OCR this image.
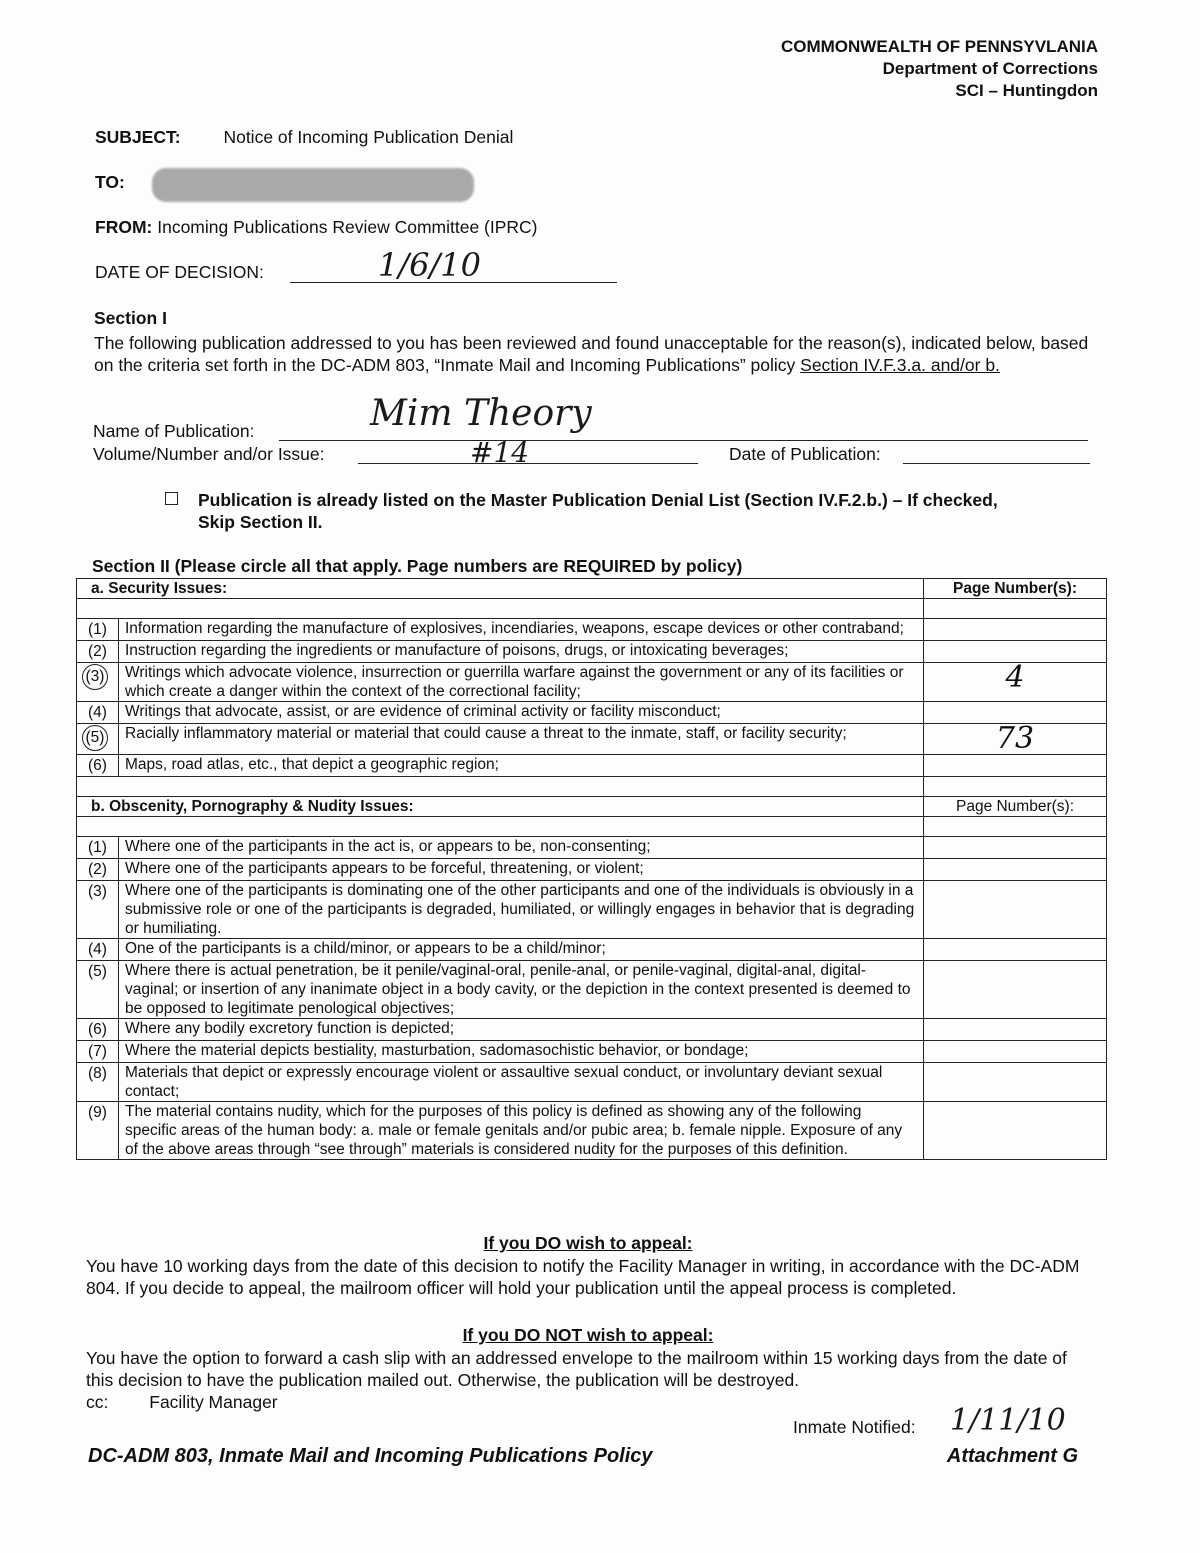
COMMONWEALTH OF PENNSYVLANIA
Department of Corrections
SCI – Huntingdon
SUBJECT: Notice of Incoming Publication Denial
TO:
FROM: Incoming Publications Review Committee (IPRC)
DATE OF DECISION:	1/6/10
Section I
The following publication addressed to you has been reviewed and found unacceptable for the reason(s), indicated below, based on the criteria set forth in the DC-ADM 803, “Inmate Mail and Incoming Publications” policy Section IV.F.3.a. and/or b.
Name of Publication:	Mim Theory
Volume/Number and/or Issue:	#14	Date of Publication:
Publication is already listed on the Master Publication Denial List (Section IV.F.2.b.) – If checked, Skip Section II.
Section II (Please circle all that apply. Page numbers are REQUIRED by policy)
a. Security Issues:		Page Number(s):

(1)	Information regarding the manufacture of explosives, incendiaries, weapons, escape devices or other contraband;	
(2)	Instruction regarding the ingredients or manufacture of poisons, drugs, or intoxicating beverages;	
(3)	Writings which advocate violence, insurrection or guerrilla warfare against the government or any of its facilities or which create a danger within the context of the correctional facility;	4
(4)	Writings that advocate, assist, or are evidence of criminal activity or facility misconduct;	
(5)	Racially inflammatory material or material that could cause a threat to the inmate, staff, or facility security;	73
(6)	Maps, road atlas, etc., that depict a geographic region;	

b. Obscenity, Pornography & Nudity Issues:		Page Number(s):

(1)	Where one of the participants in the act is, or appears to be, non-consenting;	
(2)	Where one of the participants appears to be forceful, threatening, or violent;	
(3)	Where one of the participants is dominating one of the other participants and one of the individuals is obviously in a submissive role or one of the participants is degraded, humiliated, or willingly engages in behavior that is degrading or humiliating.	
(4)	One of the participants is a child/minor, or appears to be a child/minor;	
(5)	Where there is actual penetration, be it penile/vaginal-oral, penile-anal, or penile-vaginal, digital-anal, digital-vaginal; or insertion of any inanimate object in a body cavity, or the depiction in the context presented is deemed to be opposed to legitimate penological objectives;	
(6)	Where any bodily excretory function is depicted;	
(7)	Where the material depicts bestiality, masturbation, sadomasochistic behavior, or bondage;	
(8)	Materials that depict or expressly encourage violent or assaultive sexual conduct, or involuntary deviant sexual contact;	
(9)	The material contains nudity, which for the purposes of this policy is defined as showing any of the following specific areas of the human body: a. male or female genitals and/or pubic area; b. female nipple. Exposure of any of the above areas through “see through” materials is considered nudity for the purposes of this definition.	
If you DO wish to appeal:
You have 10 working days from the date of this decision to notify the Facility Manager in writing, in accordance with the DC-ADM 804. If you decide to appeal, the mailroom officer will hold your publication until the appeal process is completed.
If you DO NOT wish to appeal:
You have the option to forward a cash slip with an addressed envelope to the mailroom within 15 working days from the date of this decision to have the publication mailed out. Otherwise, the publication will be destroyed.
cc: Facility Manager
Inmate Notified: 1/11/10
DC-ADM 803, Inmate Mail and Incoming Publications Policy	Attachment G
